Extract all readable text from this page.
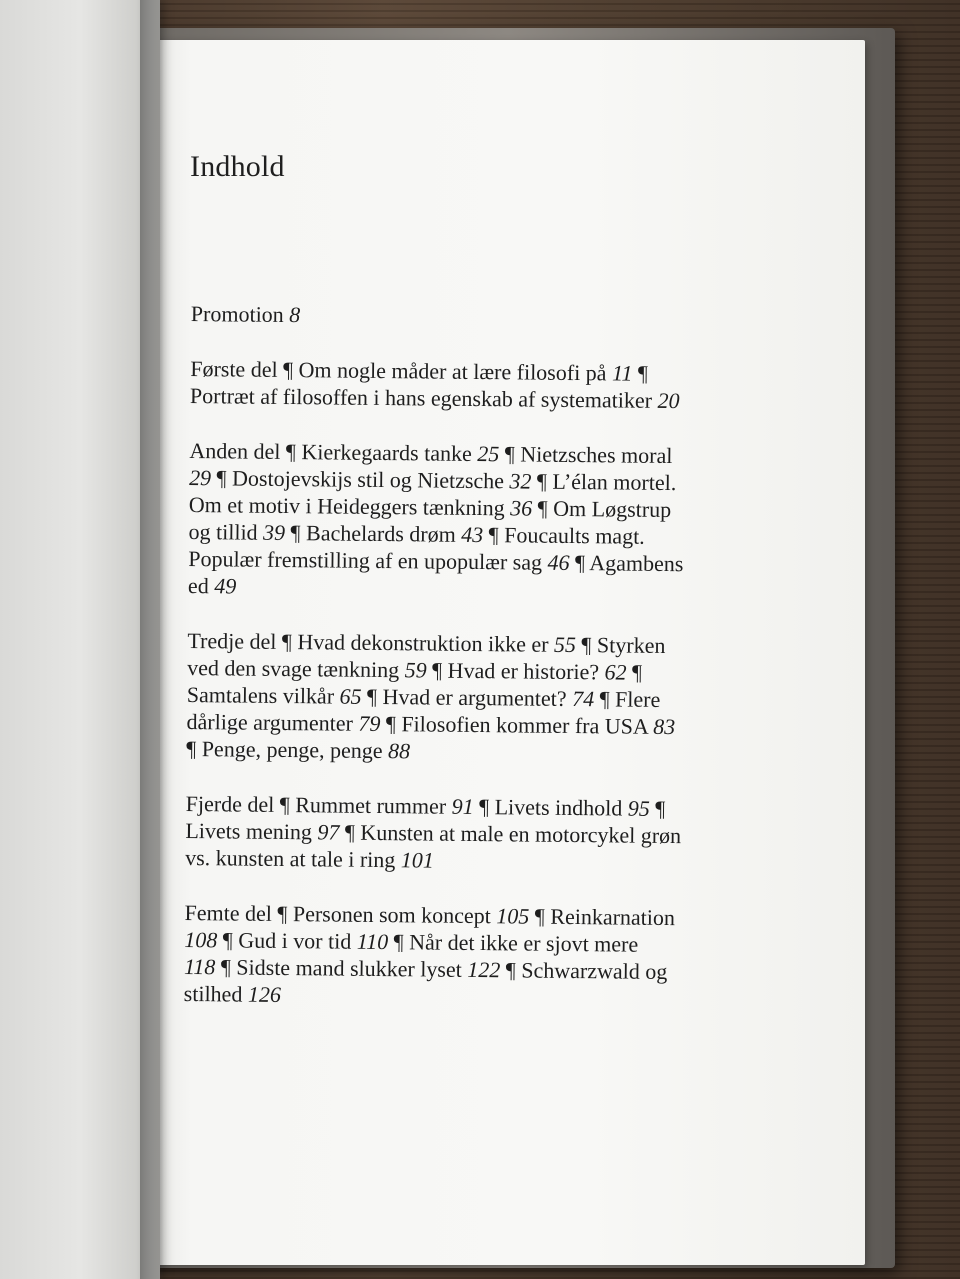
Indhold
Promotion 8
Første del ¶ Om nogle måder at lære filosofi på 11 ¶
Portræt af filosoffen i hans egenskab af systematiker 20
Anden del ¶ Kierkegaards tanke 25 ¶ Nietzsches moral
29 ¶ Dostojevskijs stil og Nietzsche 32 ¶ L’élan mortel.
Om et motiv i Heideggers tænkning 36 ¶ Om Løgstrup
og tillid 39 ¶ Bachelards drøm 43 ¶ Foucaults magt.
Populær fremstilling af en upopulær sag 46 ¶ Agambens
ed 49
Tredje del ¶ Hvad dekonstruktion ikke er 55 ¶ Styrken
ved den svage tænkning 59 ¶ Hvad er historie? 62 ¶
Samtalens vilkår 65 ¶ Hvad er argumentet? 74 ¶ Flere
dårlige argumenter 79 ¶ Filosofien kommer fra USA 83
¶ Penge, penge, penge 88
Fjerde del ¶ Rummet rummer 91 ¶ Livets indhold 95 ¶
Livets mening 97 ¶ Kunsten at male en motorcykel grøn
vs. kunsten at tale i ring 101
Femte del ¶ Personen som koncept 105 ¶ Reinkarnation
108 ¶ Gud i vor tid 110 ¶ Når det ikke er sjovt mere
118 ¶ Sidste mand slukker lyset 122 ¶ Schwarzwald og
stilhed 126
